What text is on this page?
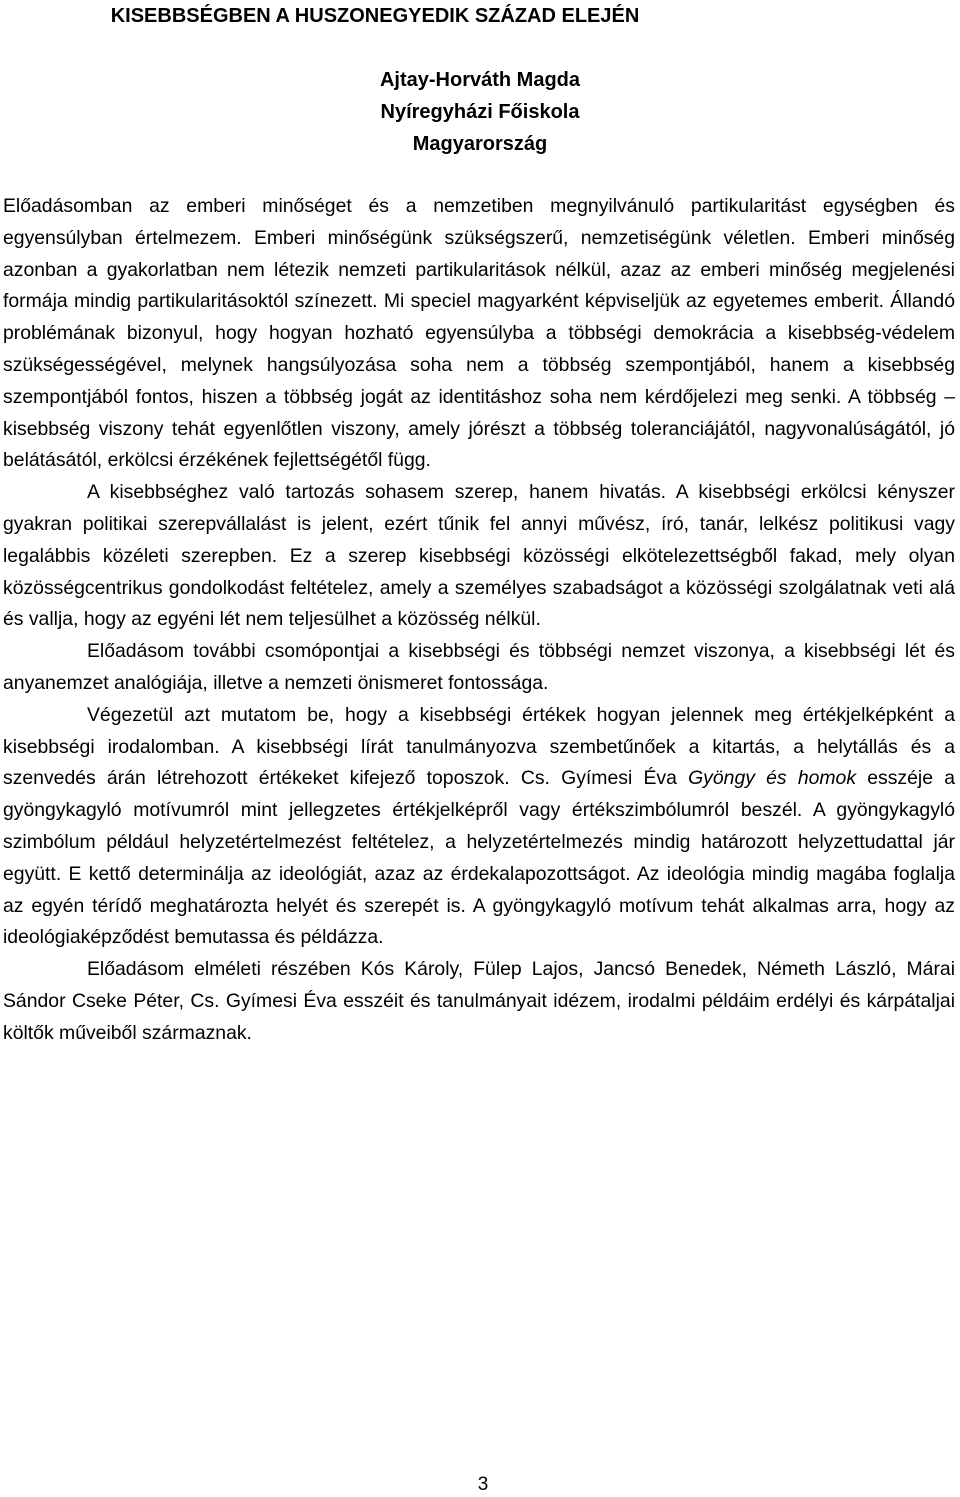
KISEBBSÉGBEN A HUSZONEGYEDIK SZÁZAD ELEJÉN
Ajtay-Horváth Magda
Nyíregyházi Főiskola
Magyarország

Előadásomban az emberi minőséget és a nemzetiben megnyilvánuló partikularitást egységben és egyensúlyban értelmezem. Emberi minőségünk szükségszerű, nemzetiségünk véletlen. Emberi minőség azonban a gyakorlatban nem létezik nemzeti partikularitások nélkül, azaz az emberi minőség megjelenési formája mindig partikularitásoktól színezett. Mi speciel magyarként képviseljük az egyetemes emberit. Állandó problémának bizonyul, hogy hogyan hozható egyensúlyba a többségi demokrácia a kisebbség-védelem szükségességével, melynek hangsúlyozása soha nem a többség szempontjából, hanem a kisebbség szempontjából fontos, hiszen a többség jogát az identitáshoz soha nem kérdőjelezi meg senki. A többség – kisebbség viszony tehát egyenlőtlen viszony, amely jórészt a többség toleranciájától, nagyvonalúságától, jó belátásától, erkölcsi érzékének fejlettségétől függ.

A kisebbséghez való tartozás sohasem szerep, hanem hivatás. A kisebbségi erkölcsi kényszer gyakran politikai szerepvállalást is jelent, ezért tűnik fel annyi művész, író, tanár, lelkész politikusi vagy legalábbis közéleti szerepben. Ez a szerep kisebbségi közösségi elkötelezettségből fakad, mely olyan közösségcentrikus gondolkodást feltételez, amely a személyes szabadságot a közösségi szolgálatnak veti alá és vallja, hogy az egyéni lét nem teljesülhet a közösség nélkül.

Előadásom további csomópontjai a kisebbségi és többségi nemzet viszonya, a kisebbségi lét és anyanemzet analógiája, illetve a nemzeti önismeret fontossága.

Végezetül azt mutatom be, hogy a kisebbségi értékek hogyan jelennek meg értékjelképként a kisebbségi irodalomban. A kisebbségi lírát tanulmányozva szembetűnőek a kitartás, a helytállás és a szenvedés árán létrehozott értékeket kifejező toposzok. Cs. Gyímesi Éva Gyöngy és homok esszéje a gyöngykagyló motívumról mint jellegzetes értékjelképről vagy értékszimbólumról beszél. A gyöngykagyló szimbólum például helyzetértelmezést feltételez, a helyzetértelmezés mindig határozott helyzettudattal jár együtt. E kettő determinálja az ideológiát, azaz az érdekalapozottságot. Az ideológia mindig magába foglalja az egyén térídő meghatározta helyét és szerepét is. A gyöngykagyló motívum tehát alkalmas arra, hogy az ideológiaképződést bemutassa és példázza.

Előadásom elméleti részében Kós Károly, Fülep Lajos, Jancsó Benedek, Németh László, Márai Sándor Cseke Péter, Cs. Gyímesi Éva esszéit és tanulmányait idézem, irodalmi példáim erdélyi és kárpátaljai költők műveiből származnak.

3
